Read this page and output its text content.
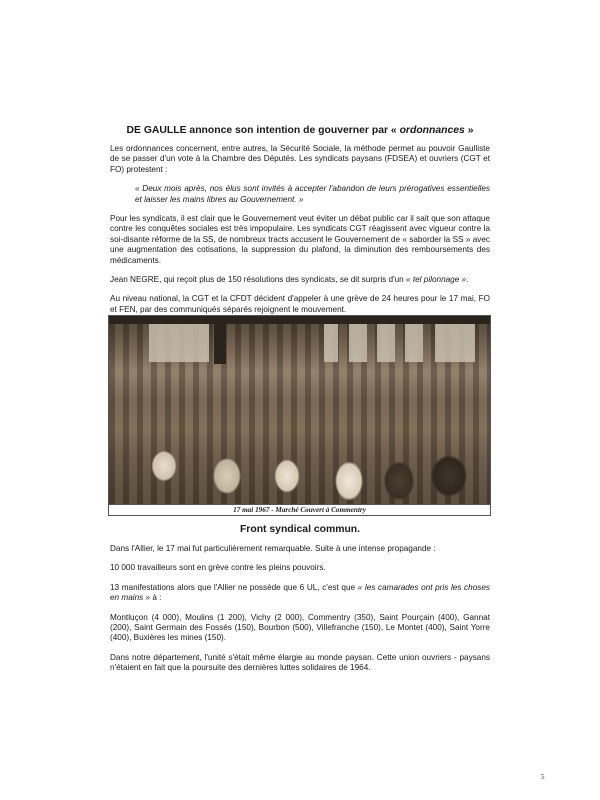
DE GAULLE annonce son intention de gouverner par « ordonnances »

Les ordonnances concernent, entre autres, la Sécurité Sociale, la méthode permet au pouvoir Gaulliste de se passer d'un vote à la Chambre des Députés. Les syndicats paysans (FDSEA) et ouvriers (CGT et FO) protestent :

« Deux mois après, nos élus sont invités à accepter l'abandon de leurs prérogatives essentielles et laisser les mains libres au Gouvernement. »

Pour les syndicats, il est clair que le Gouvernement veut éviter un débat public car il sait que son attaque contre les conquêtes sociales est très impopulaire. Les syndicats CGT réagissent avec vigueur contre la soi-disante réforme de la SS, de nombreux tracts accusent le Gouvernement de « saborder la SS » avec une augmentation des cotisations, la suppression du plafond, la diminution des remboursements des médicaments.

Jean NEGRE, qui reçoit plus de 150 résolutions des syndicats, se dit surpris d'un « tel pilonnage ».

Au niveau national, la CGT et la CFDT décident d'appeler à une grève de 24 heures pour le 17 mai, FO et FEN, par des communiqués séparés rejoignent le mouvement.

17 mai 1967 - Marché Couvert à Commentry
Front syndical commun.

Dans l'Allier, le 17 mai fut particulièrement remarquable. Suite à une intense propagande :

10 000 travailleurs sont en grève contre les pleins pouvoirs.

13 manifestations alors que l'Allier ne possède que 6 UL, c'est que « les camarades ont pris les choses en mains » à :

Montluçon (4 000), Moulins (1 200), Vichy (2 000), Commentry (350), Saint Pourçain (400), Gannat (200), Saint Germain des Fossés (150), Bourbon (500), Villefranche (150), Le Montet (400), Saint Yorre (400), Buxières les mines (150).

Dans notre département, l'unité s'était même élargie au monde paysan. Cette union ouvriers - paysans n'étaient en fait que la poursuite des dernières luttes solidaires de 1964.

5
